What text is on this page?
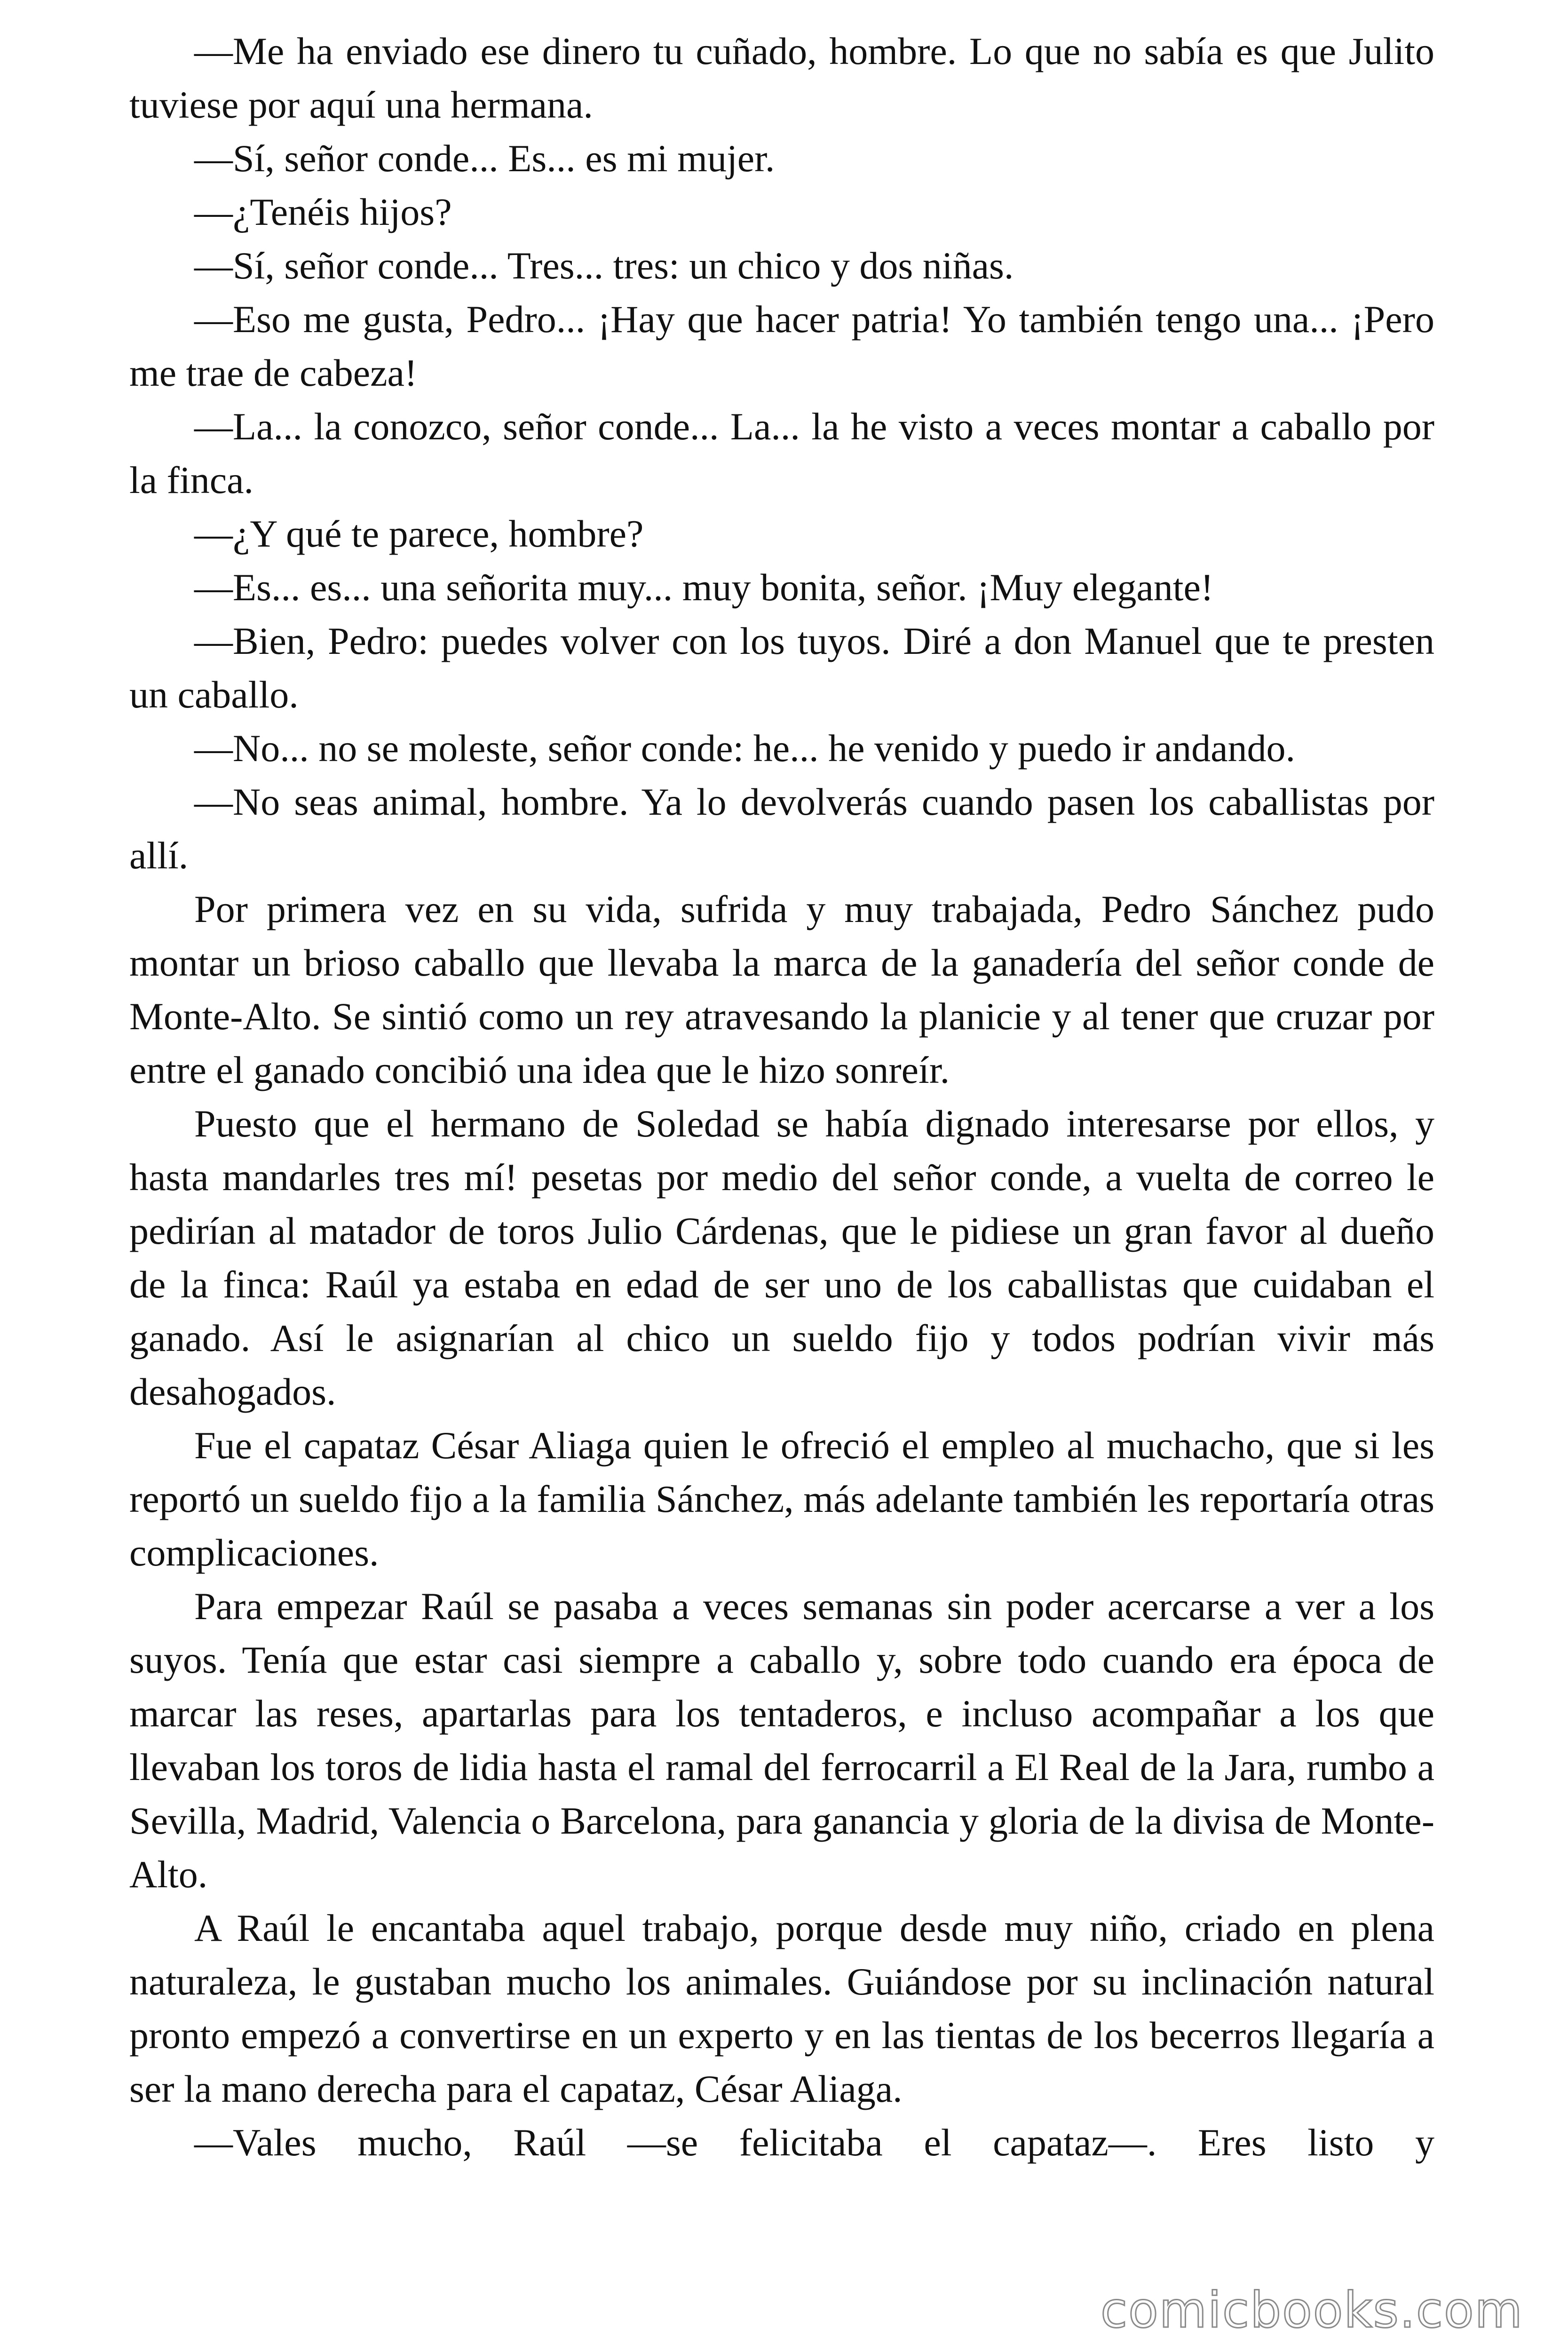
—Me ha enviado ese dinero tu cuñado, hombre. Lo que no sabía es que Julito tuviese por aquí una hermana.

—Sí, señor conde... Es... es mi mujer.

—¿Tenéis hijos?

—Sí, señor conde... Tres... tres: un chico y dos niñas.

—Eso me gusta, Pedro... ¡Hay que hacer patria! Yo también tengo una... ¡Pero me trae de cabeza!

—La... la conozco, señor conde... La... la he visto a veces montar a caballo por la finca.

—¿Y qué te parece, hombre?

—Es... es... una señorita muy... muy bonita, señor. ¡Muy elegante!

—Bien, Pedro: puedes volver con los tuyos. Diré a don Manuel que te presten un caballo.

—No... no se moleste, señor conde: he... he venido y puedo ir andando.

—No seas animal, hombre. Ya lo devolverás cuando pasen los caballistas por allí.

Por primera vez en su vida, sufrida y muy trabajada, Pedro Sánchez pudo montar un brioso caballo que llevaba la marca de la ganadería del señor conde de Monte-Alto. Se sintió como un rey atravesando la planicie y al tener que cruzar por entre el ganado concibió una idea que le hizo sonreír.

Puesto que el hermano de Soledad se había dignado interesarse por ellos, y hasta mandarles tres mí! pesetas por medio del señor conde, a vuelta de correo le pedirían al matador de toros Julio Cárdenas, que le pidiese un gran favor al dueño de la finca: Raúl ya estaba en edad de ser uno de los caballistas que cuidaban el ganado. Así le asignarían al chico un sueldo fijo y todos podrían vivir más desahogados.

Fue el capataz César Aliaga quien le ofreció el empleo al muchacho, que si les reportó un sueldo fijo a la familia Sánchez, más adelante también les reportaría otras complicaciones.

Para empezar Raúl se pasaba a veces semanas sin poder acercarse a ver a los suyos. Tenía que estar casi siempre a caballo y, sobre todo cuando era época de marcar las reses, apartarlas para los tentaderos, e incluso acompañar a los que llevaban los toros de lidia hasta el ramal del ferrocarril a El Real de la Jara, rumbo a Sevilla, Madrid, Valencia o Barcelona, para ganancia y gloria de la divisa de Monte-Alto.

A Raúl le encantaba aquel trabajo, porque desde muy niño, criado en plena naturaleza, le gustaban mucho los animales. Guiándose por su inclinación natural pronto empezó a convertirse en un experto y en las tientas de los becerros llegaría a ser la mano derecha para el capataz, César Aliaga.

—Vales mucho, Raúl —se felicitaba el capataz—. Eres listo y

comicbooks.com
